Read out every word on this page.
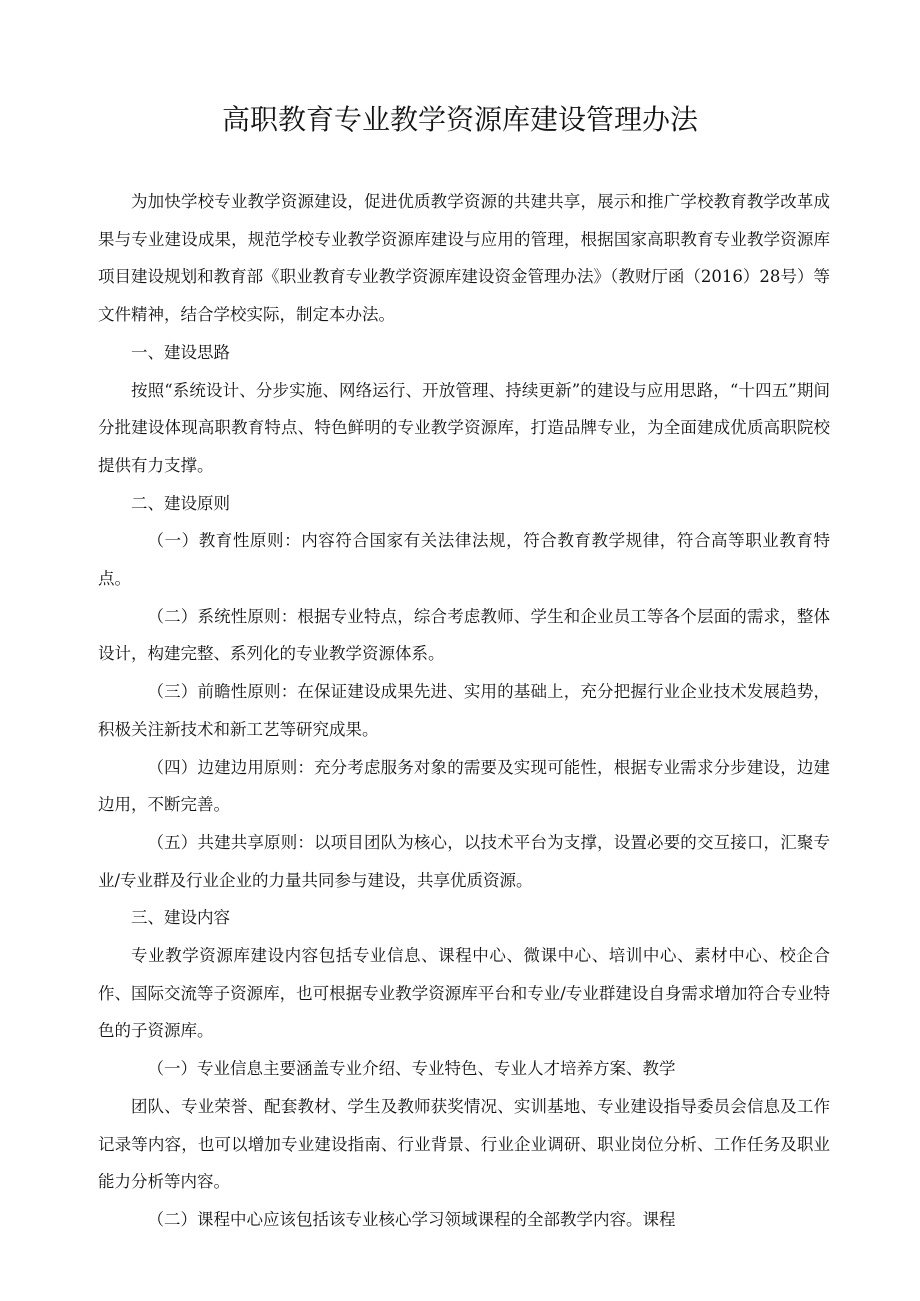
高职教育专业教学资源库建设管理办法

为加快学校专业教学资源建设，促进优质教学资源的共建共享，展示和推广学校教育教学改革成果与专业建设成果，规范学校专业教学资源库建设与应用的管理，根据国家高职教育专业教学资源库项目建设规划和教育部《职业教育专业教学资源库建设资金管理办法》（教财厅函（2016）28号）等文件精神，结合学校实际，制定本办法。

一、建设思路

按照“系统设计、分步实施、网络运行、开放管理、持续更新”的建设与应用思路，“十四五”期间分批建设体现高职教育特点、特色鲜明的专业教学资源库，打造品牌专业，为全面建成优质高职院校提供有力支撑。

二、建设原则

（一）教育性原则：内容符合国家有关法律法规，符合教育教学规律，符合高等职业教育特点。

（二）系统性原则：根据专业特点，综合考虑教师、学生和企业员工等各个层面的需求，整体设计，构建完整、系列化的专业教学资源体系。

（三）前瞻性原则：在保证建设成果先进、实用的基础上，充分把握行业企业技术发展趋势，积极关注新技术和新工艺等研究成果。

（四）边建边用原则：充分考虑服务对象的需要及实现可能性，根据专业需求分步建设，边建边用，不断完善。

（五）共建共享原则：以项目团队为核心，以技术平台为支撑，设置必要的交互接口，汇聚专业/专业群及行业企业的力量共同参与建设，共享优质资源。

三、建设内容

专业教学资源库建设内容包括专业信息、课程中心、微课中心、培训中心、素材中心、校企合作、国际交流等子资源库，也可根据专业教学资源库平台和专业/专业群建设自身需求增加符合专业特色的子资源库。

（一）专业信息主要涵盖专业介绍、专业特色、专业人才培养方案、教学

团队、专业荣誉、配套教材、学生及教师获奖情况、实训基地、专业建设指导委员会信息及工作记录等内容，也可以增加专业建设指南、行业背景、行业企业调研、职业岗位分析、工作任务及职业能力分析等内容。

（二）课程中心应该包括该专业核心学习领域课程的全部教学内容。课程
